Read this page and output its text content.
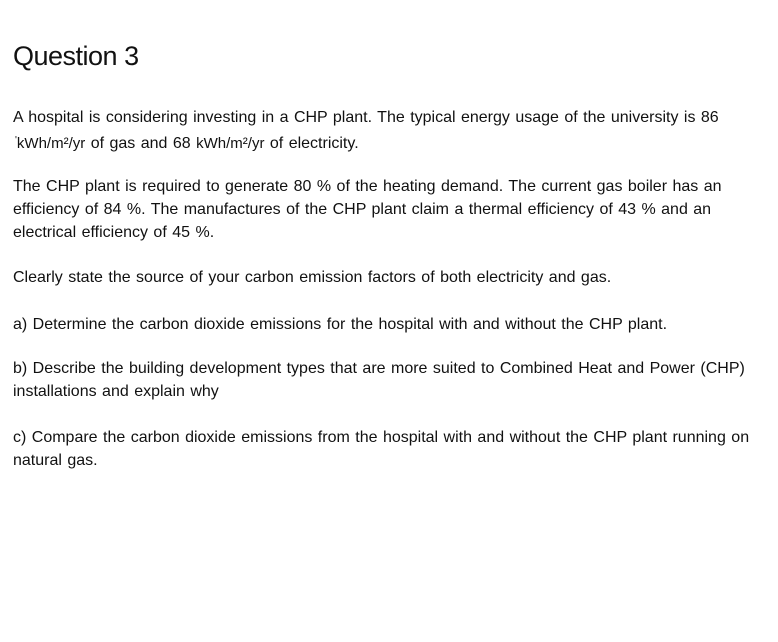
Question 3

A hospital is considering investing in a CHP plant. The typical energy usage of the university is 86 'kWh/m²/yr of gas and 68 kWh/m²/yr of electricity.

The CHP plant is required to generate 80 % of the heating demand. The current gas boiler has an efficiency of 84 %. The manufactures of the CHP plant claim a thermal efficiency of 43 % and an electrical efficiency of 45 %.

Clearly state the source of your carbon emission factors of both electricity and gas.

a) Determine the carbon dioxide emissions for the hospital with and without the CHP plant.

b) Describe the building development types that are more suited to Combined Heat and Power (CHP) installations and explain why

c) Compare the carbon dioxide emissions from the hospital with and without the CHP plant running on natural gas.
